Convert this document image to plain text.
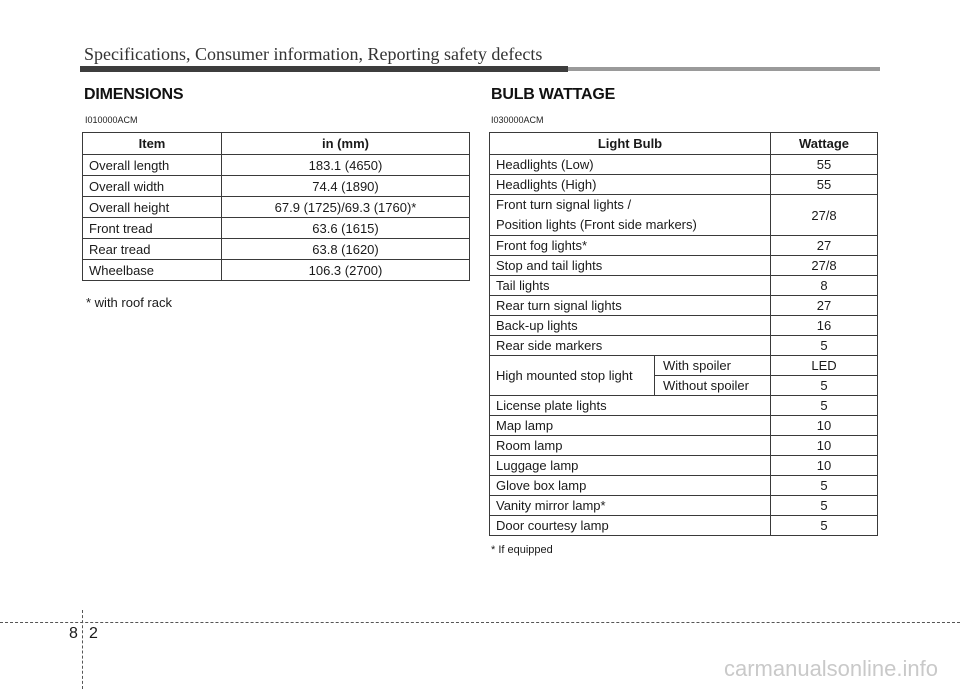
Specifications, Consumer information, Reporting safety defects
DIMENSIONS
I010000ACM
Item	in (mm)
Overall length	183.1 (4650)
Overall width	74.4 (1890)
Overall height	67.9 (1725)/69.3 (1760)*
Front tread	63.6 (1615)
Rear tread	63.8 (1620)
Wheelbase	106.3 (2700)
* with roof rack
BULB WATTAGE
I030000ACM
Light Bulb		Wattage
Headlights (Low)		55
Headlights (High)		55
Front turn signal lights /
Position lights (Front side markers)		27/8
Front fog lights*		27
Stop and tail lights		27/8
Tail lights		8
Rear turn signal lights		27
Back-up lights		16
Rear side markers		5
High mounted stop light	With spoiler	LED
	Without spoiler	5
License plate lights		5
Map lamp		10
Room lamp		10
Luggage lamp		10
Glove box lamp		5
Vanity mirror lamp*		5
Door courtesy lamp		5
* If equipped
8 2
carmanualsonline.info
